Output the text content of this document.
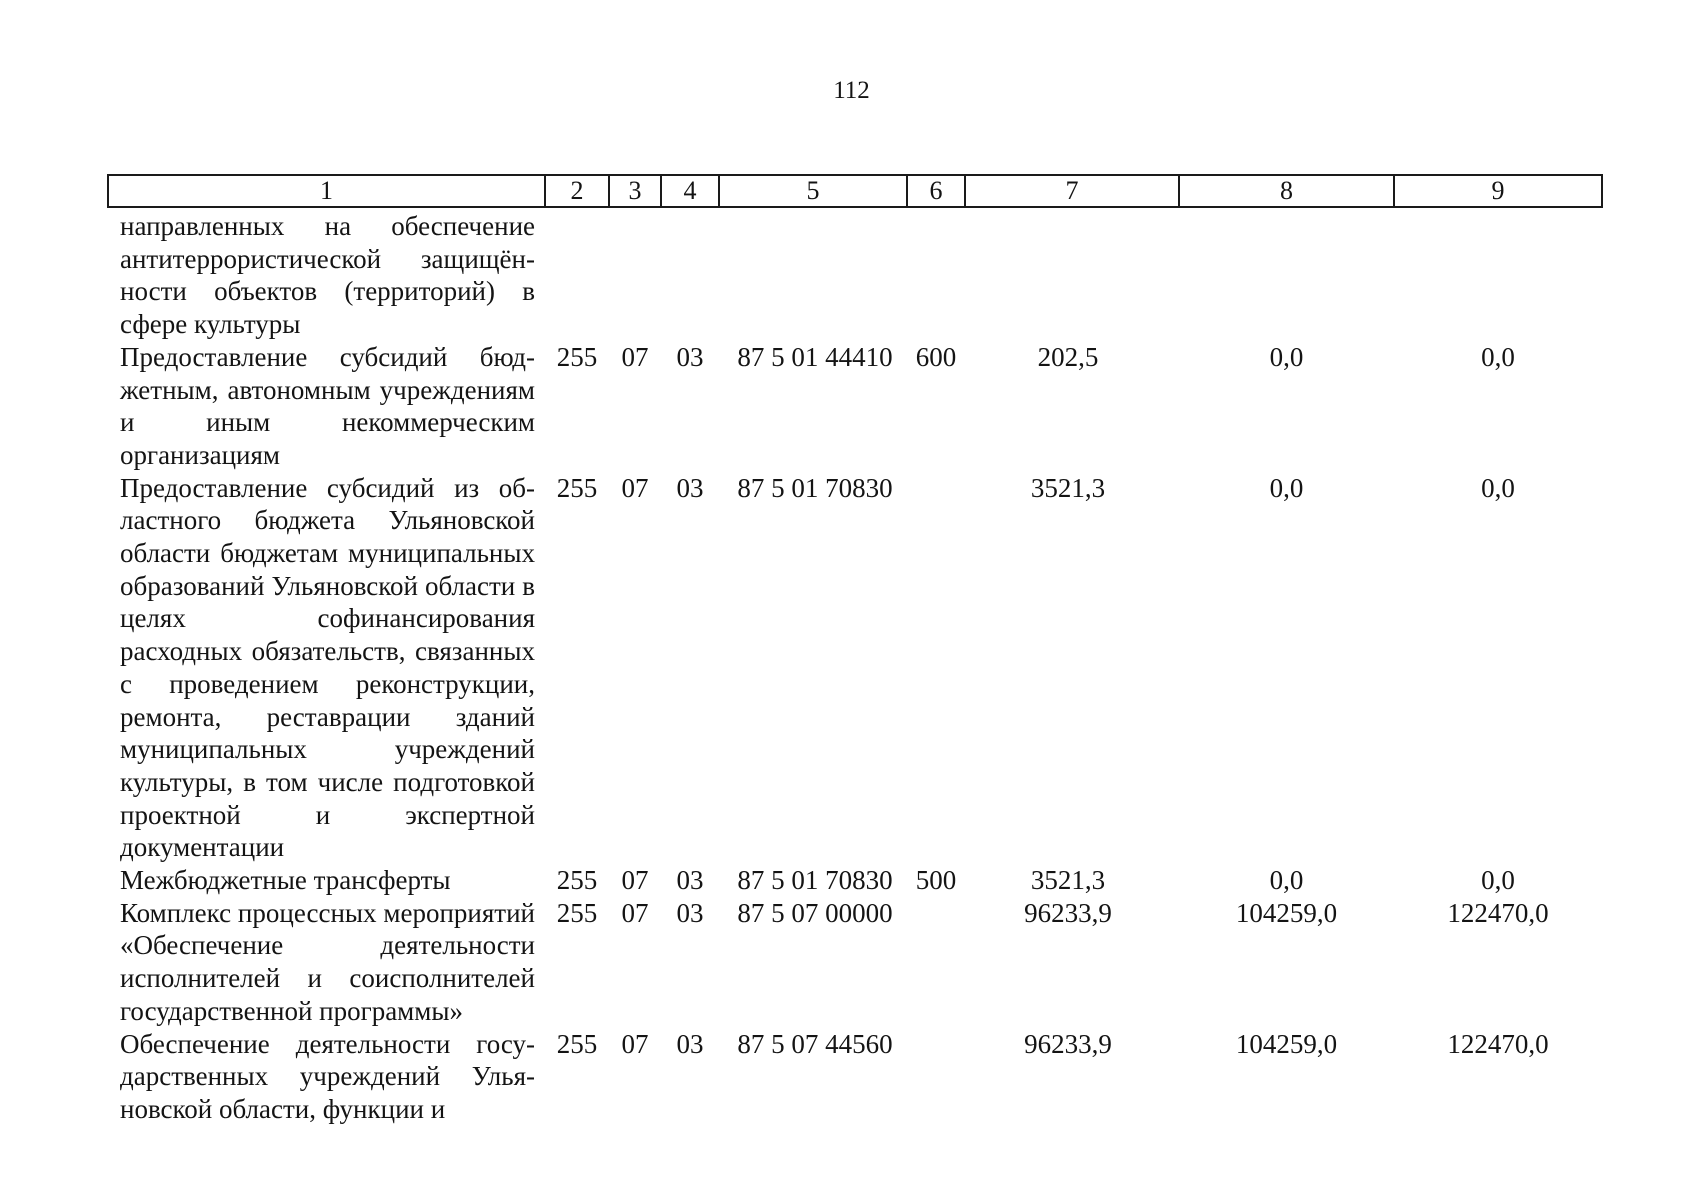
112
1	2	3	4	5	6	7	8	9
направленных на обеспечение антитеррористической защищённости объектов (территорий) в сфере культуры								
Предоставление субсидий бюджетным, автономным учреждениям и иным некоммерческим организациям	255	07	03	87 5 01 44410	600	202,5	0,0	0,0
Предоставление субсидий из областного бюджета Ульяновской области бюджетам муниципальных образований Ульяновской области в целях софинансирования расходных обязательств, связанных с проведением реконструкции, ремонта, реставрации зданий муниципальных учреждений культуры, в том числе подготовкой проектной и экспертной документации	255	07	03	87 5 01 70830		3521,3	0,0	0,0
Межбюджетные трансферты	255	07	03	87 5 01 70830	500	3521,3	0,0	0,0
Комплекс процессных мероприятий «Обеспечение деятельности исполнителей и соисполнителей государственной программы»	255	07	03	87 5 07 00000		96233,9	104259,0	122470,0
Обеспечение деятельности государственных учреждений Ульяновской области, функции и	255	07	03	87 5 07 44560		96233,9	104259,0	122470,0
